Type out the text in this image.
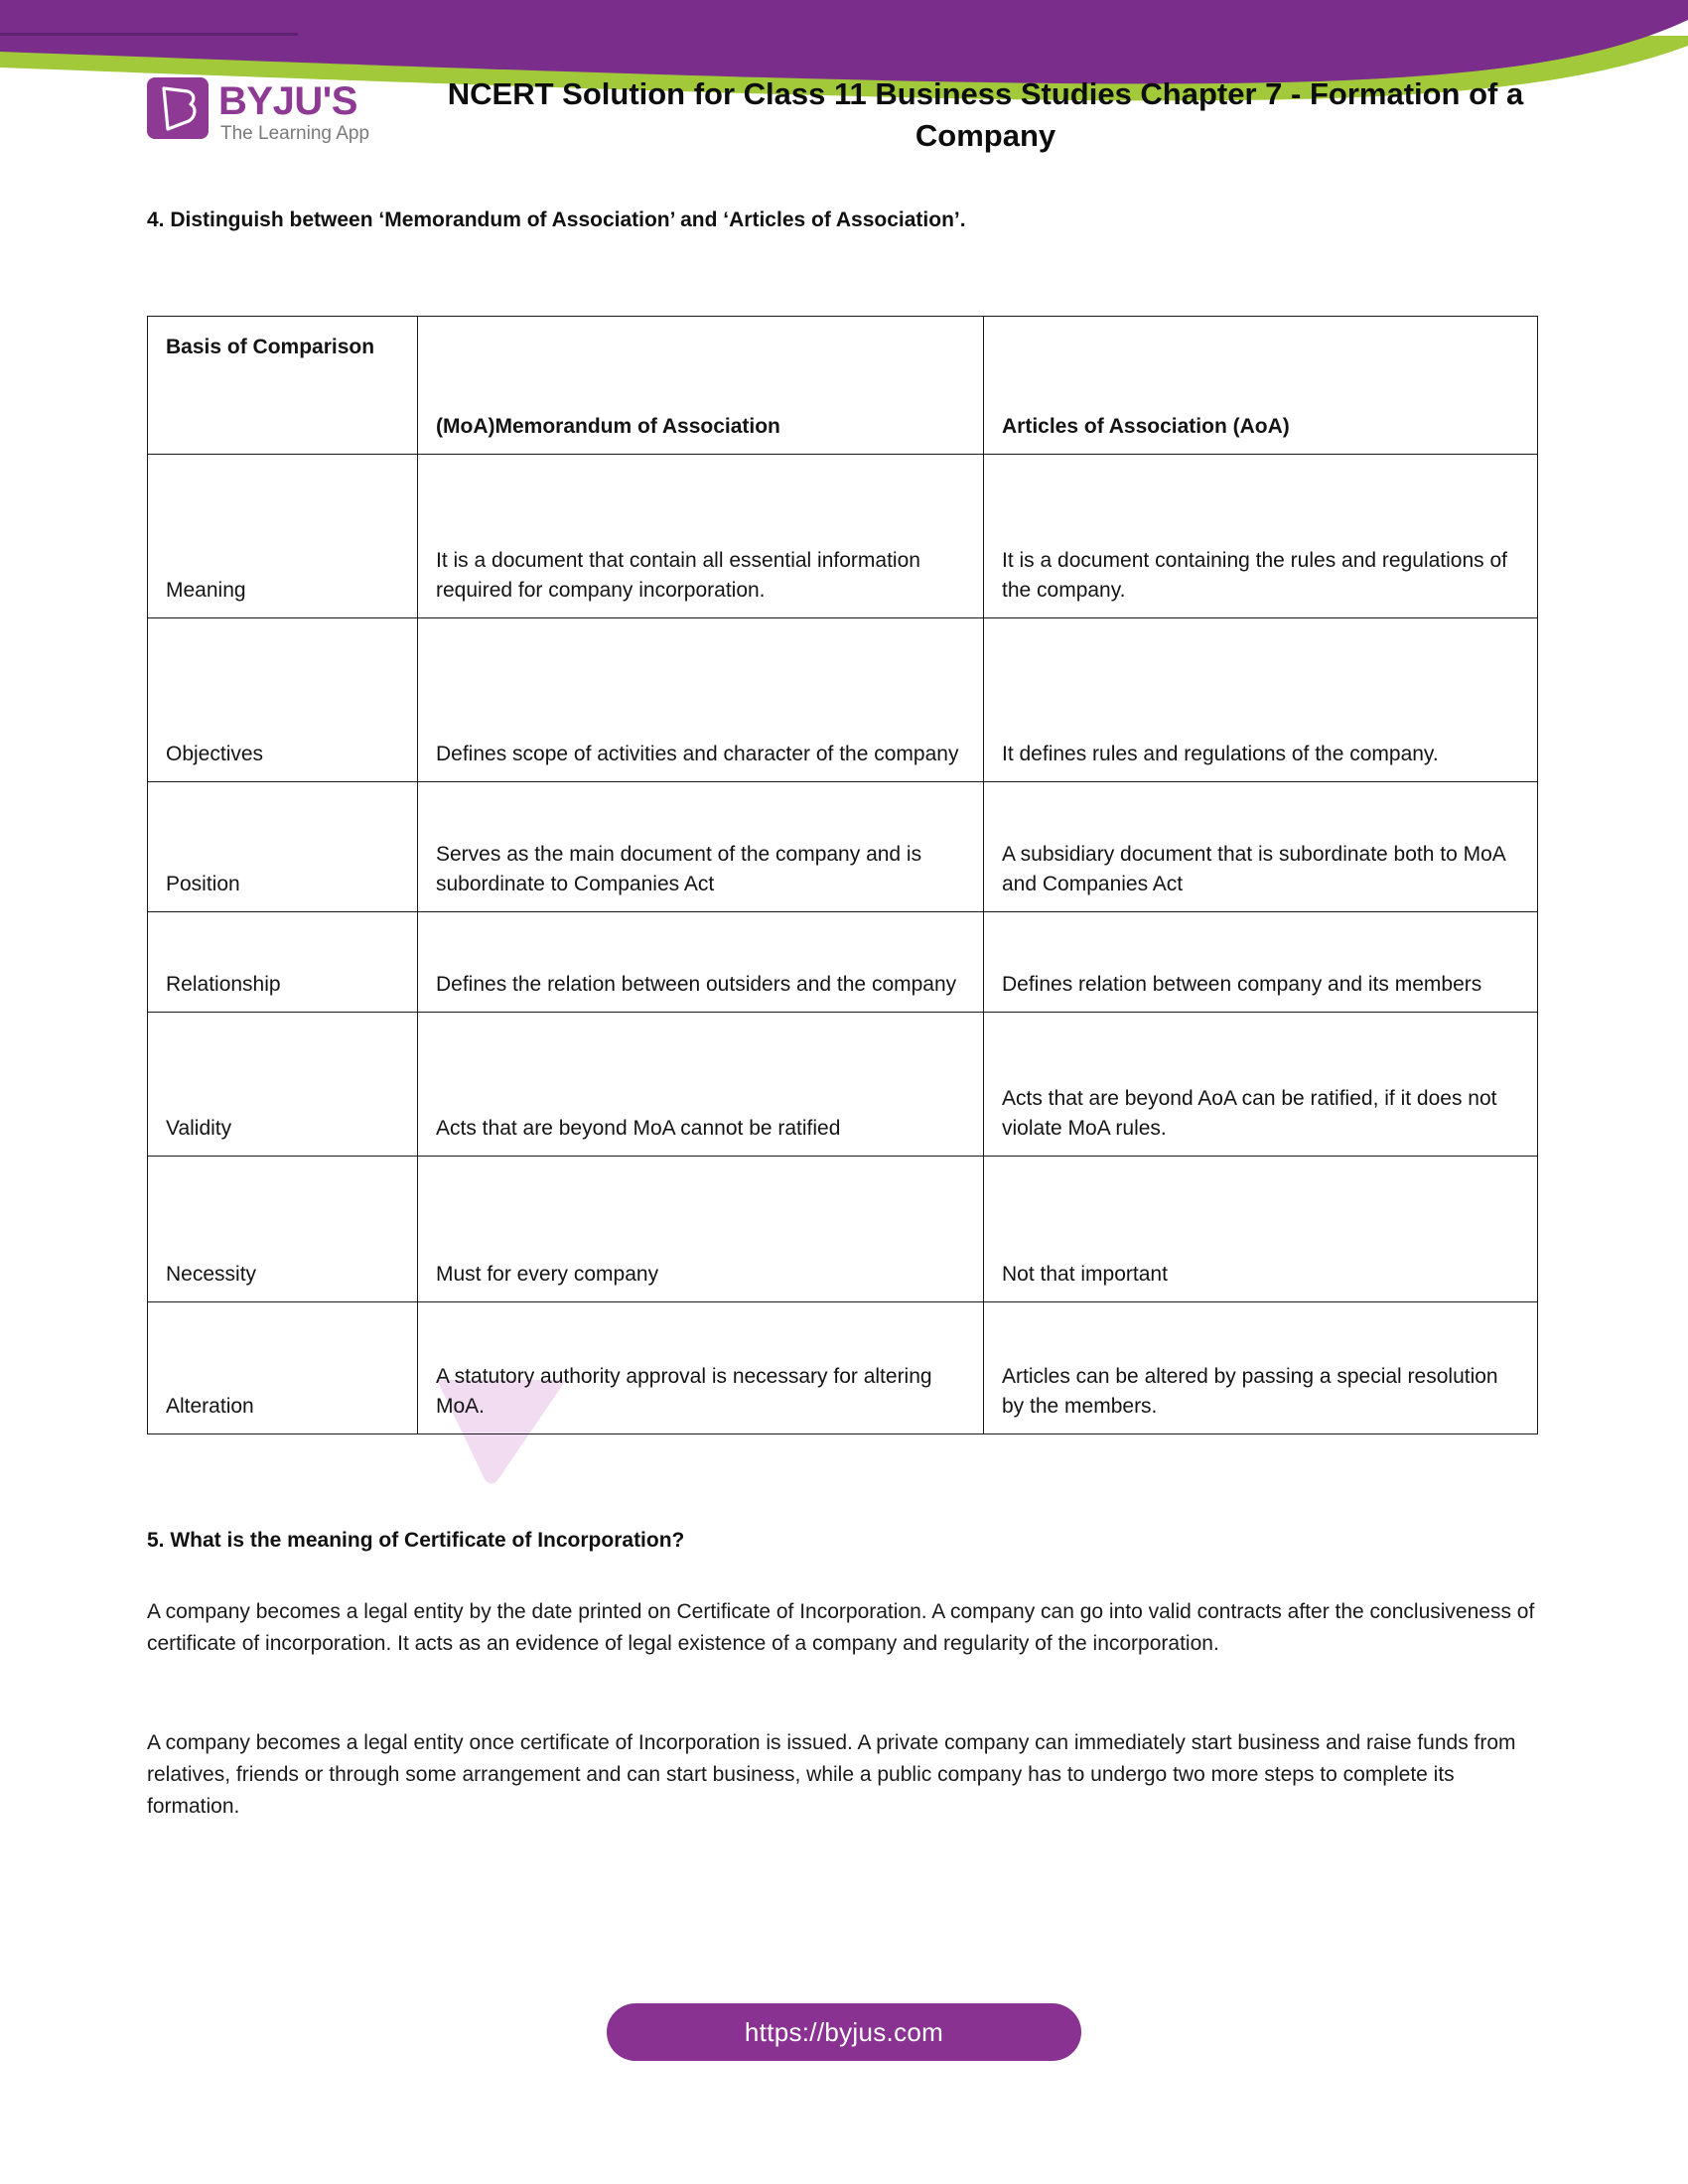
BYJU'S
The Learning App
NCERT Solution for Class 11 Business Studies Chapter 7 - Formation of a Company
4. Distinguish between ‘Memorandum of Association’ and ‘Articles of Association’.
Basis of Comparison	(MoA)Memorandum of Association	Articles of Association (AoA)
Meaning	It is a document that contain all essential information required for company incorporation.	It is a document containing the rules and regulations of the company.
Objectives	Defines scope of activities and character of the company	It defines rules and regulations of the company.
Position	Serves as the main document of the company and is subordinate to Companies Act	A subsidiary document that is subordinate both to MoA and Companies Act
Relationship	Defines the relation between outsiders and the company	Defines relation between company and its members
Validity	Acts that are beyond MoA cannot be ratified	Acts that are beyond AoA can be ratified, if it does not violate MoA rules.
Necessity	Must for every company	Not that important
Alteration	A statutory authority approval is necessary for altering MoA.	Articles can be altered by passing a special resolution by the members.
5. What is the meaning of Certificate of Incorporation?
A company becomes a legal entity by the date printed on Certificate of Incorporation. A company can go into valid contracts after the conclusiveness of certificate of incorporation. It acts as an evidence of legal existence of a company and regularity of the incorporation.
A company becomes a legal entity once certificate of Incorporation is issued. A private company can immediately start business and raise funds from relatives, friends or through some arrangement and can start business, while a public company has to undergo two more steps to complete its formation.
https://byjus.com
